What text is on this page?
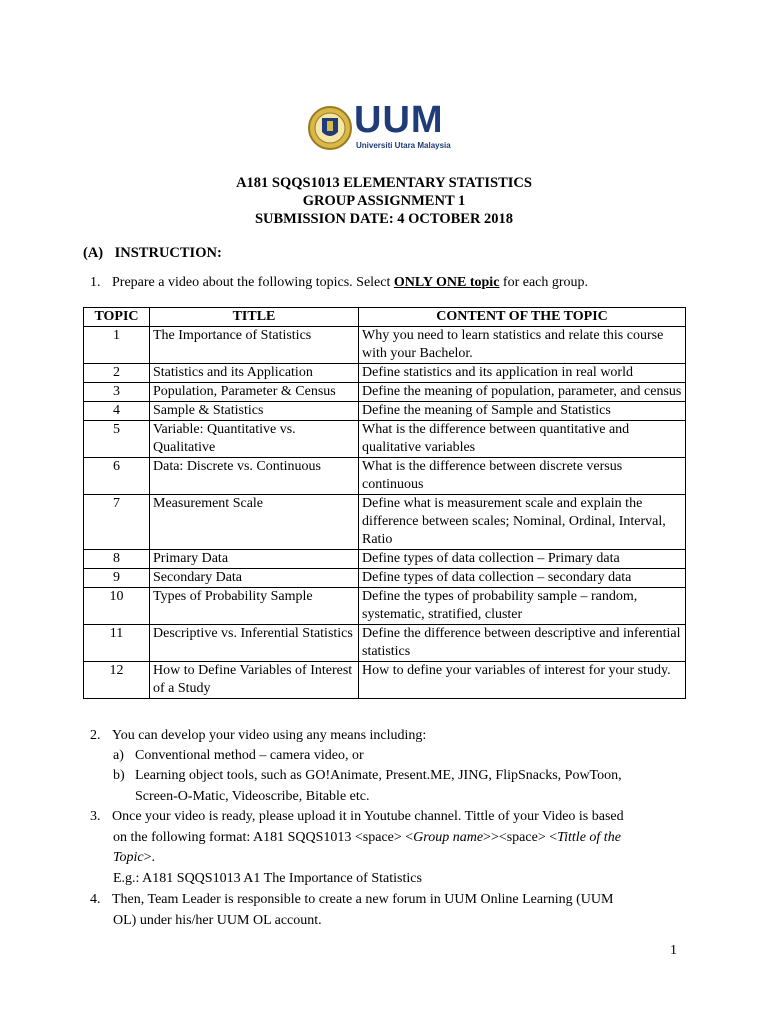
UUM
Universiti Utara Malaysia
A181 SQQS1013 ELEMENTARY STATISTICS
GROUP ASSIGNMENT 1
SUBMISSION DATE: 4 OCTOBER 2018
(A) INSTRUCTION:
1. Prepare a video about the following topics. Select ONLY ONE topic for each group.
TOPIC	TITLE	CONTENT OF THE TOPIC
1	The Importance of Statistics	Why you need to learn statistics and relate this course with your Bachelor.
2	Statistics and its Application	Define statistics and its application in real world
3	Population, Parameter & Census	Define the meaning of population, parameter, and census
4	Sample & Statistics	Define the meaning of Sample and Statistics
5	Variable: Quantitative vs. Qualitative	What is the difference between quantitative and qualitative variables
6	Data: Discrete vs. Continuous	What is the difference between discrete versus continuous
7	Measurement Scale	Define what is measurement scale and explain the difference between scales; Nominal, Ordinal, Interval, Ratio
8	Primary Data	Define types of data collection – Primary data
9	Secondary Data	Define types of data collection – secondary data
10	Types of Probability Sample	Define the types of probability sample – random, systematic, stratified, cluster
11	Descriptive vs. Inferential Statistics	Define the difference between descriptive and inferential statistics
12	How to Define Variables of Interest of a Study	How to define your variables of interest for your study.
2. You can develop your video using any means including:
a) Conventional method – camera video, or
b) Learning object tools, such as GO!Animate, Present.ME, JING, FlipSnacks, PowToon,
Screen-O-Matic, Videoscribe, Bitable etc.
3. Once your video is ready, please upload it in Youtube channel. Tittle of your Video is based
on the following format: A181 SQQS1013 <space> <Group name>><space> <Tittle of the
Topic>.
E.g.: A181 SQQS1013 A1 The Importance of Statistics
4. Then, Team Leader is responsible to create a new forum in UUM Online Learning (UUM
OL) under his/her UUM OL account.
1
